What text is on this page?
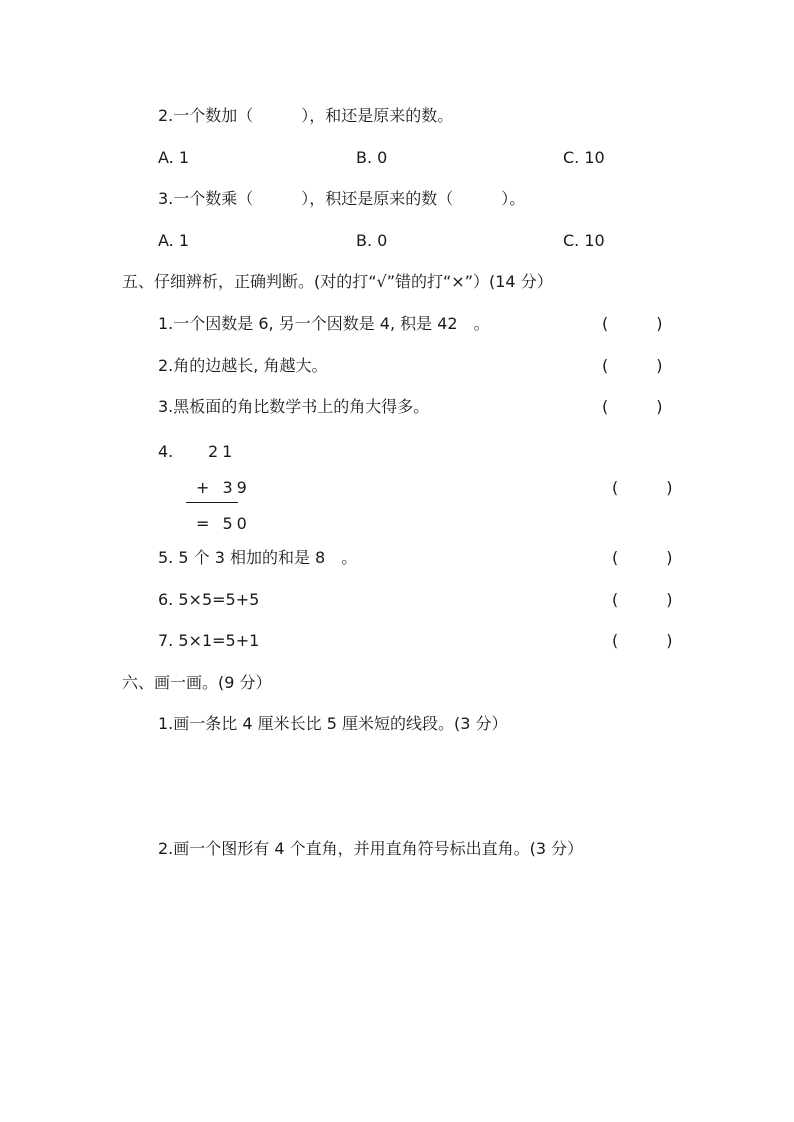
2.一个数加（　　　），和还是原来的数。
A. 1	B. 0	C. 10
3.一个数乘（　　　），积还是原来的数（　　　）。
A. 1	B. 0	C. 10
五、仔细辨析，正确判断。(对的打“√”错的打“×”）(14 分）
1.一个因数是 6, 另一个因数是 4, 积是 42　。	(　　　)
2.角的边越长, 角越大。	(　　　)
3.黑板面的角比数学书上的角大得多。	(　　　)
4. 21
+ 39
= 50
(　　　)
5. 5 个 3 相加的和是 8　。	(　　　)
6. 5×5=5+5	(　　　)
7. 5×1=5+1	(　　　)
六、画一画。(9 分）
1.画一条比 4 厘米长比 5 厘米短的线段。(3 分）
2.画一个图形有 4 个直角，并用直角符号标出直角。(3 分）
